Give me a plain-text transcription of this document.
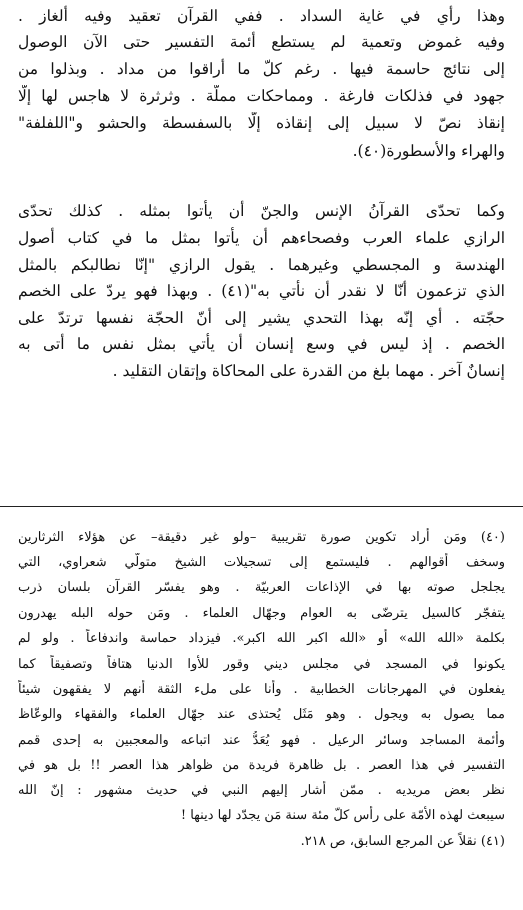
وهذا رأي في غاية السداد . ففي القرآن تعقيد وفيه ألغاز .
وفيه غموض وتعمية لم يستطع أئمة التفسير حتى الآن الوصول
إلى نتائج حاسمة فيها . رغم كلّ ما أراقوا من مداد . وبذلوا من
جهود في فذلكات فارغة . ومماحكات مملّة . وثرثرة لا هاجس لها إلّا
إنقاذ نصّ لا سبيل إلى إنقاذه إلّا بالسفسطة والحشو و"اللفلفة"
والهراء والأسطورة(٤٠).
وكما تحدّى القرآنُ الإنس والجنّ أن يأتوا بمثله . كذلك تحدّى
الرازي علماء العرب وفصحاءهم أن يأتوا بمثل ما في كتاب أصول
الهندسة و المجسطي وغيرهما . يقول الرازي "إنّا نطالبكم بالمثل
الذي تزعمون أنّا لا نقدر أن نأتي به"(٤١) . وبهذا فهو يردّ على الخصم
حجّته . أي إنّه بهذا التحدي يشير إلى أنّ الحجّة نفسها ترتدّ على
الخصم . إذ ليس في وسع إنسان أن يأتي بمثل نفس ما أتى به
إنسانٌ آخر . مهما بلغ من القدرة على المحاكاة وإتقان التقليد .
(٤٠) ومَن أراد تكوين صورة تقريبية –ولو غير دقيقة– عن هؤلاء الثرثارين
وسخف أقوالهم . فليستمع إلى تسجيلات الشيخ متولّي شعراوي، التي
يجلجل صوته بها في الإذاعات العربيّة . وهو يفسّر القرآن بلسان ذرب
يتفجّر كالسيل يترضّى به العوام وجهّال العلماء . ومَن حوله البله يهدرون
بكلمة «الله الله» أو «الله اكبر الله اكبر». فيزداد حماسة واندفاعاً . ولو لم
يكونوا في المسجد في مجلس ديني وقور للأوا الدنيا هتافاً وتصفيقاً كما
يفعلون في المهرجانات الخطابية . وأنا على ملء الثقة أنهم لا يفقهون شيئاً
مما يصول به ويجول . وهو مَثَل يُحتذى عند جهّال العلماء والفقهاء والوعّاظ
وأئمة المساجد وسائر الرعيل . فهو يُعَدُّ عند اتباعه والمعجبين به إحدى قمم
التفسير في هذا العصر . بل ظاهرة فريدة من ظواهر هذا العصر !! بل هو في
نظر بعض مريديه . ممّن أشار إليهم النبي في حديث مشهور : إنّ الله
سيبعث لهذه الأمّة على رأس كلّ مئة سنة مَن يجدّد لها دينها !
(٤١) نقلاً عن المرجع السابق، ص ٢١٨.
